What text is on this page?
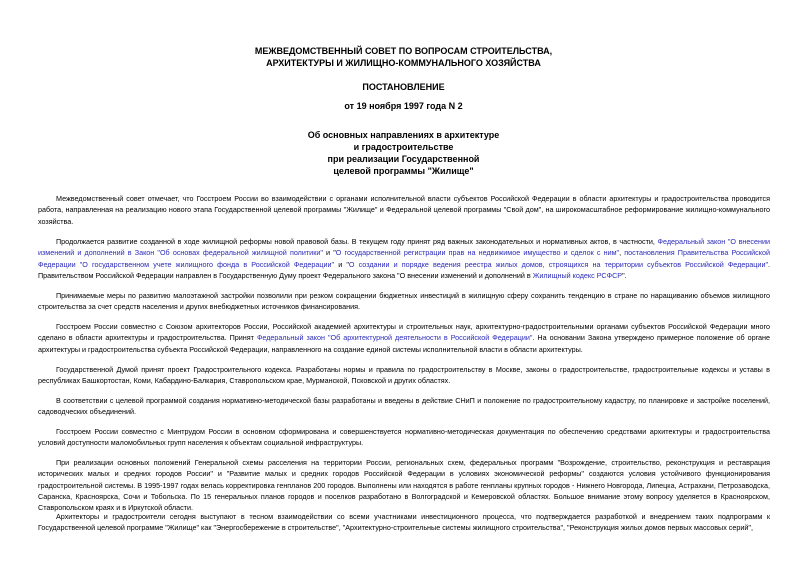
МЕЖВЕДОМСТВЕННЫЙ СОВЕТ ПО ВОПРОСАМ СТРОИТЕЛЬСТВА,
АРХИТЕКТУРЫ И ЖИЛИЩНО-КОММУНАЛЬНОГО ХОЗЯЙСТВА
ПОСТАНОВЛЕНИЕ
от 19 ноября 1997 года N 2
Об основных направлениях в архитектуре
и градостроительстве
при реализации Государственной
целевой программы "Жилище"
Межведомственный совет отмечает, что Госстроем России во взаимодействии с органами исполнительной власти субъектов Российской Федерации в области архитектуры и градостроительства проводится работа, направленная на реализацию нового этапа Государственной целевой программы "Жилище" и Федеральной целевой программы "Свой дом", на широкомасштабное реформирование жилищно-коммунального хозяйства.
Продолжается развитие созданной в ходе жилищной реформы новой правовой базы. В текущем году принят ряд важных законодательных и нормативных актов, в частности, Федеральный закон "О внесении изменений и дополнений в Закон "Об основах федеральной жилищной политики" и "О государственной регистрации прав на недвижимое имущество и сделок с ним", постановления Правительства Российской Федерации "О государственном учете жилищного фонда в Российской Федерации" и "О создании и порядке ведения реестра жилых домов, строящихся на территории субъектов Российской Федерации". Правительством Российской Федерации направлен в Государственную Думу проект Федерального закона "О внесении изменений и дополнений в Жилищный кодекс РСФСР".
Принимаемые меры по развитию малоэтажной застройки позволили при резком сокращении бюджетных инвестиций в жилищную сферу сохранить тенденцию в стране по наращиванию объемов жилищного строительства за счет средств населения и других внебюджетных источников финансирования.
Госстроем России совместно с Союзом архитекторов России, Российской академией архитектуры и строительных наук, архитектурно-градостроительными органами субъектов Российской Федерации много сделано в области архитектуры и градостроительства. Принят Федеральный закон "Об архитектурной деятельности в Российской Федерации". На основании Закона утверждено примерное положение об органе архитектуры и градостроительства субъекта Российской Федерации, направленного на создание единой системы исполнительной власти в области архитектуры.
Государственной Думой принят проект Градостроительного кодекса. Разработаны нормы и правила по градостроительству в Москве, законы о градостроительстве, градостроительные кодексы и уставы в республиках Башкортостан, Коми, Кабардино-Балкария, Ставропольском крае, Мурманской, Псковской и других областях.
В соответствии с целевой программой создания нормативно-методической базы разработаны и введены в действие СНиП и положение по градостроительному кадастру, по планировке и застройке поселений, садоводческих объединений.
Госстроем России совместно с Минтрудом России в основном сформирована и совершенствуется нормативно-методическая документация по обеспечению средствами архитектуры и градостроительства условий доступности маломобильных групп населения к объектам социальной инфраструктуры.
При реализации основных положений Генеральной схемы расселения на территории России, региональных схем, федеральных программ "Возрождение, строительство, реконструкция и реставрация исторических малых и средних городов России" и "Развитие малых и средних городов Российской Федерации в условиях экономической реформы" создаются условия устойчивого функционирования градостроительной системы. В 1995-1997 годах велась корректировка генпланов 200 городов. Выполнены или находятся в работе генпланы крупных городов - Нижнего Новгорода, Липецка, Астрахани, Петрозаводска, Саранска, Красноярска, Сочи и Тобольска. По 15 генеральных планов городов и поселков разработано в Волгоградской и Кемеровской областях. Большое внимание этому вопросу уделяется в Красноярском, Ставропольском краях и в Иркутской области.
Архитекторы и градостроители сегодня выступают в тесном взаимодействии со всеми участниками инвестиционного процесса, что подтверждается разработкой и внедрением таких подпрограмм к Государственной целевой программе "Жилище" как "Энергосбережение в строительстве", "Архитектурно-строительные системы жилищного строительства", "Реконструкция жилых домов первых массовых серий",
